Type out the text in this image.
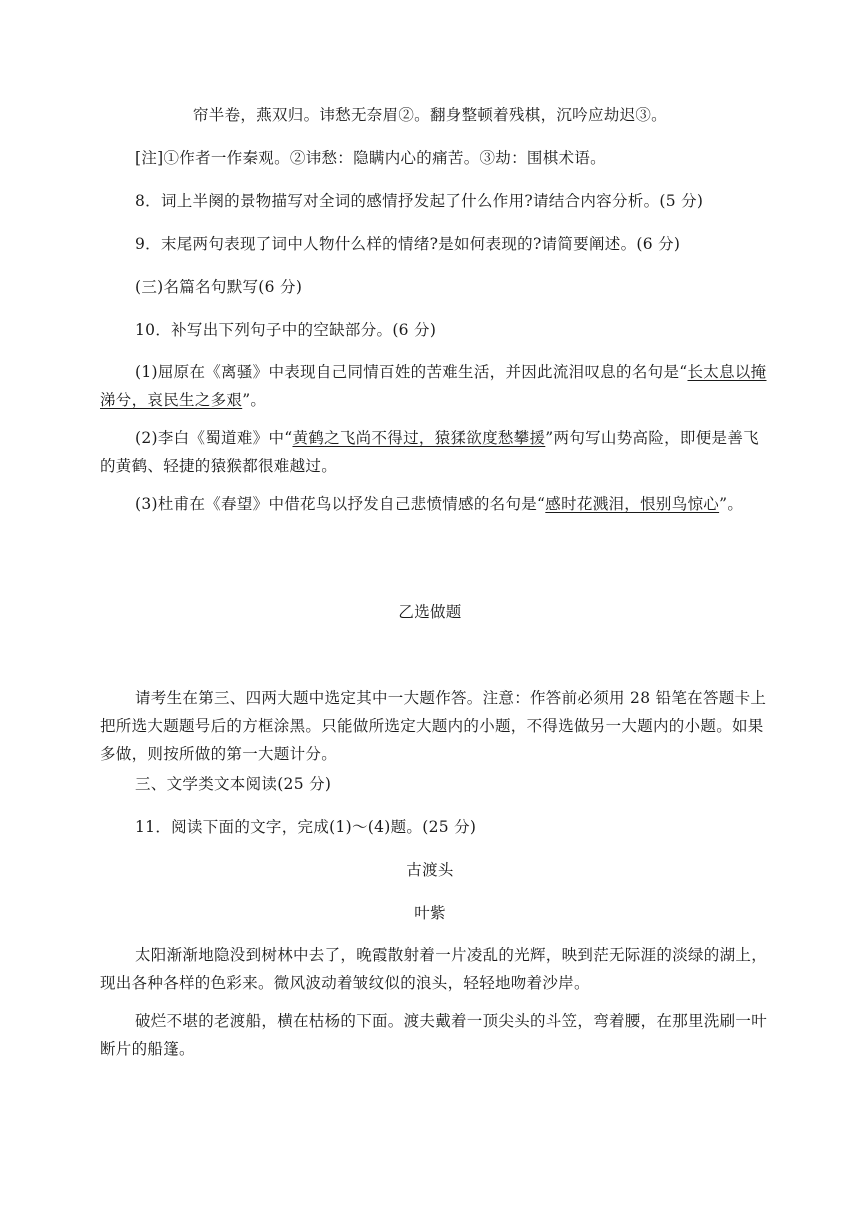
帘半卷，燕双归。讳愁无奈眉②。翻身整顿着残棋，沉吟应劫迟③。
[注]①作者一作秦观。②讳愁：隐瞒内心的痛苦。③劫：围棋术语。
8．词上半阕的景物描写对全词的感情抒发起了什么作用?请结合内容分析。(5 分)
9．末尾两句表现了词中人物什么样的情绪?是如何表现的?请简要阐述。(6 分)
(三)名篇名句默写(6 分)
10．补写出下列句子中的空缺部分。(6 分)
(1)屈原在《离骚》中表现自己同情百姓的苦难生活，并因此流泪叹息的名句是“长太息以掩涕兮，哀民生之多艰”。
(2)李白《蜀道难》中“黄鹤之飞尚不得过，猿猱欲度愁攀援”两句写山势高险，即便是善飞的黄鹤、轻捷的猿猴都很难越过。
(3)杜甫在《春望》中借花鸟以抒发自己悲愤情感的名句是“感时花溅泪，恨别鸟惊心”。
乙选做题
请考生在第三、四两大题中选定其中一大题作答。注意：作答前必须用 28 铅笔在答题卡上把所选大题题号后的方框涂黑。只能做所选定大题内的小题，不得选做另一大题内的小题。如果多做，则按所做的第一大题计分。
三、文学类文本阅读(25 分)
11．阅读下面的文字，完成(1)～(4)题。(25 分)
古渡头
叶紫
太阳渐渐地隐没到树林中去了，晚霞散射着一片凌乱的光辉，映到茫无际涯的淡绿的湖上，现出各种各样的色彩来。微风波动着皱纹似的浪头，轻轻地吻着沙岸。
破烂不堪的老渡船，横在枯杨的下面。渡夫戴着一顶尖头的斗笠，弯着腰，在那里洗刷一叶断片的船篷。
